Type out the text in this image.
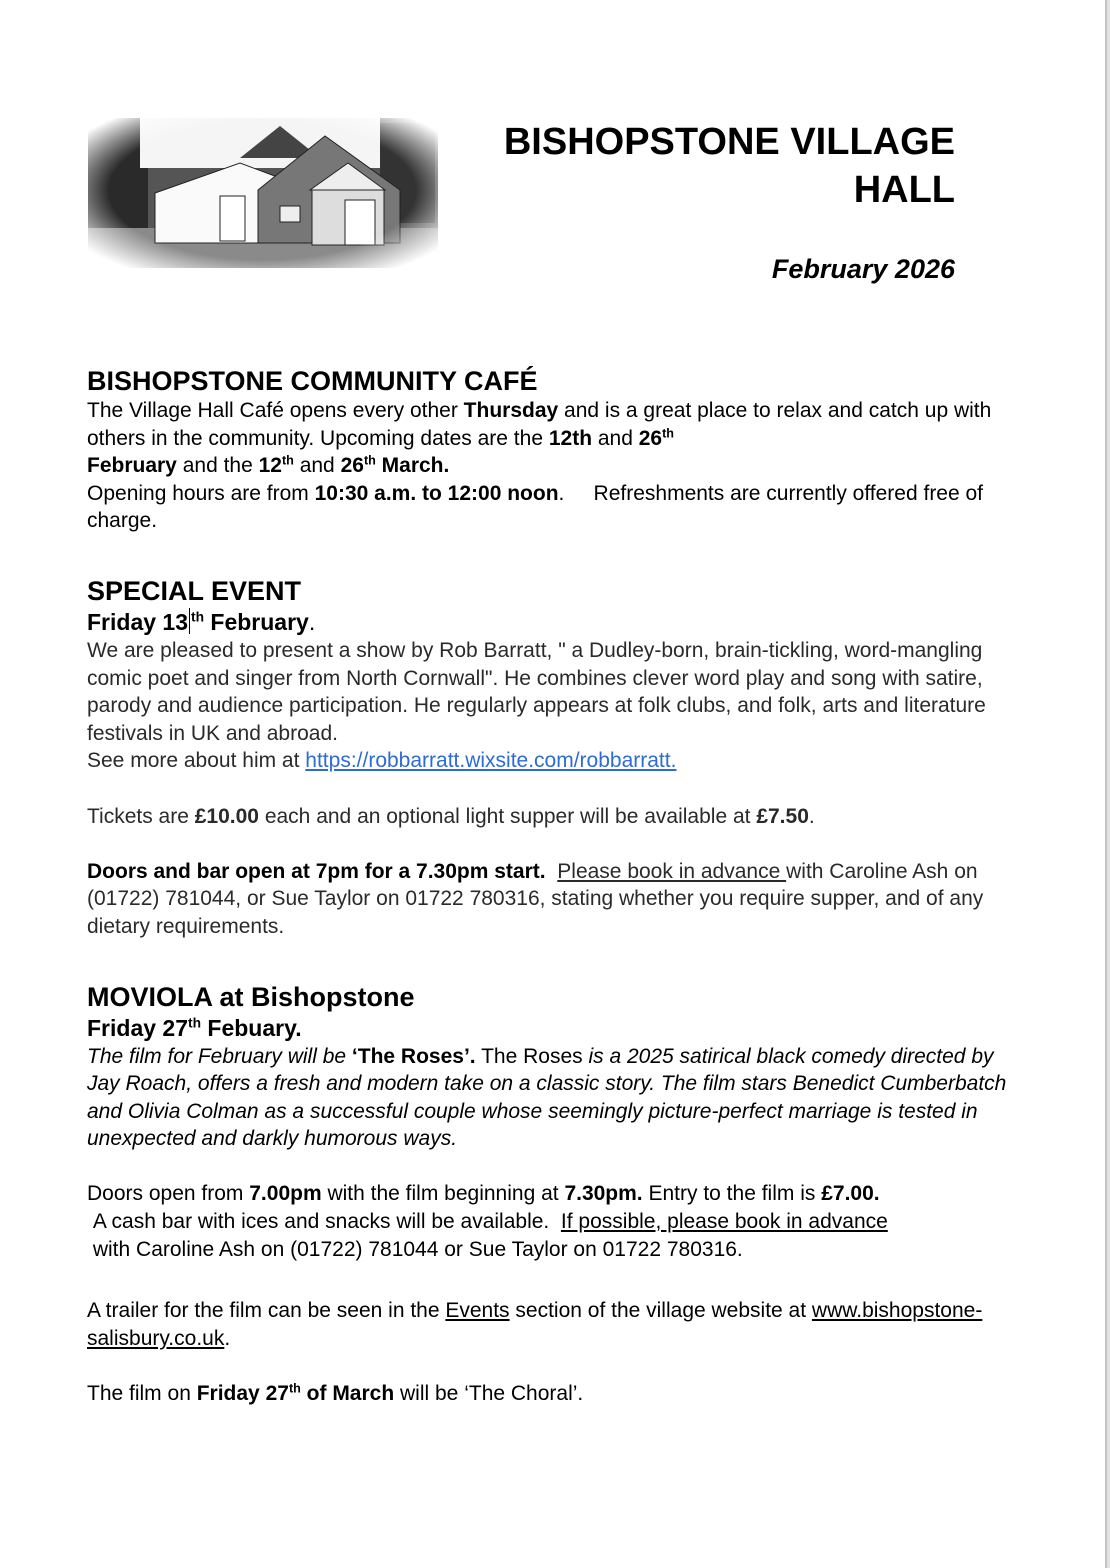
BISHOPSTONE VILLAGE
HALL
February 2026
BISHOPSTONE COMMUNITY CAFÉ

The Village Hall Café opens every other Thursday and is a great place to relax and catch up with others in the community. Upcoming dates are the 12th and 26th
February and the 12th and 26th March.

Opening hours are from 10:30 a.m. to 12:00 noon.     Refreshments are currently offered free of charge.

SPECIAL EVENT
Friday 13 $^{th}$ February.

We are pleased to present a show by Rob Barratt, " a Dudley-born, brain-tickling, word-mangling comic poet and singer from North Cornwall". He combines clever word play and song with satire, parody and audience participation. He regularly appears at folk clubs, and folk, arts and literature festivals in UK and abroad.

See more about him at https://robbarratt.wixsite.com/robbarratt.

Tickets are £10.00 each and an optional light supper will be available at £7.50.

Doors and bar open at 7pm for a 7.30pm start. Please book in advance with Caroline Ash on (01722) 781044, or Sue Taylor on 01722 780316, stating whether you require supper, and of any dietary requirements.

MOVIOLA at Bishopstone
Friday 27th Febuary.

The film for February will be ‘The Roses’. The Roses is a 2025 satirical black comedy directed by Jay Roach, offers a fresh and modern take on a classic story. The film stars Benedict Cumberbatch and Olivia Colman as a successful couple whose seemingly picture-perfect marriage is tested in unexpected and darkly humorous ways.

Doors open from 7.00pm with the film beginning at 7.30pm. Entry to the film is £7.00.
A cash bar with ices and snacks will be available.  If possible, please book in advance
with Caroline Ash on (01722) 781044 or Sue Taylor on 01722 780316.

A trailer for the film can be seen in the Events section of the village website at www.bishopstone-salisbury.co.uk.

The film on Friday 27th of March will be ‘The Choral’.
